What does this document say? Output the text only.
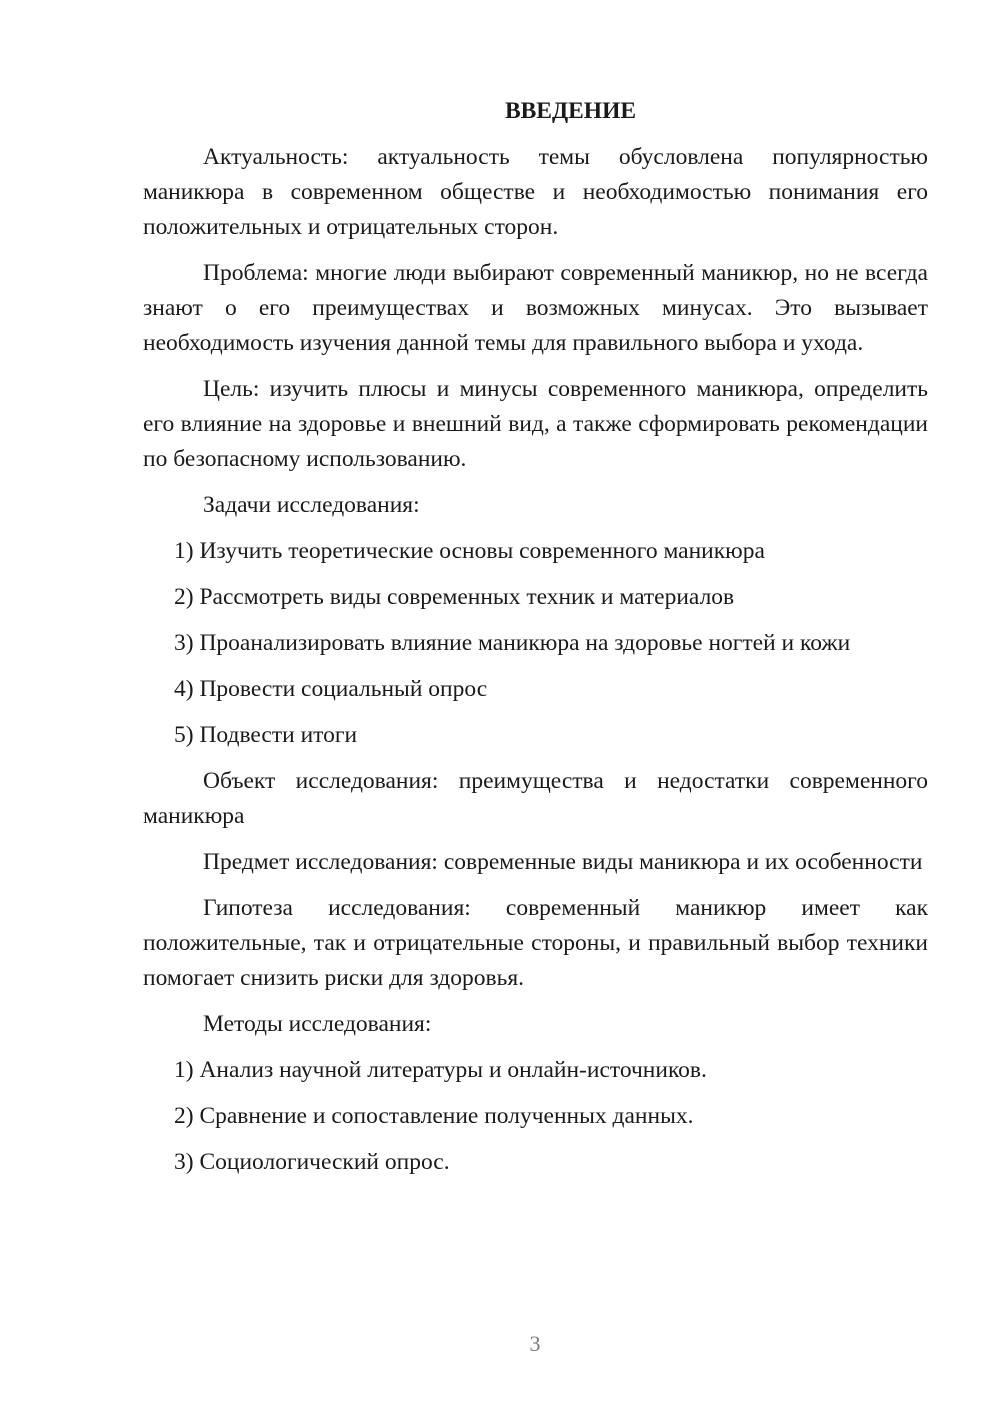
ВВЕДЕНИЕ
Актуальность: актуальность темы обусловлена популярностью маникюра в современном обществе и необходимостью понимания его положительных и отрицательных сторон.
Проблема: многие люди выбирают современный маникюр, но не всегда знают о его преимуществах и возможных минусах. Это вызывает необходимость изучения данной темы для правильного выбора и ухода.
Цель: изучить плюсы и минусы современного маникюра, определить его влияние на здоровье и внешний вид, а также сформировать рекомендации по безопасному использованию.
Задачи исследования:
1) Изучить теоретические основы современного маникюра
2) Рассмотреть виды современных техник и материалов
3) Проанализировать влияние маникюра на здоровье ногтей и кожи
4) Провести социальный опрос
5) Подвести итоги
Объект исследования: преимущества и недостатки современного маникюра
Предмет исследования: современные виды маникюра и их особенности
Гипотеза исследования: современный маникюр имеет как положительные, так и отрицательные стороны, и правильный выбор техники помогает снизить риски для здоровья.
Методы исследования:
1) Анализ научной литературы и онлайн-источников.
2) Сравнение и сопоставление полученных данных.
3) Социологический опрос.
3
